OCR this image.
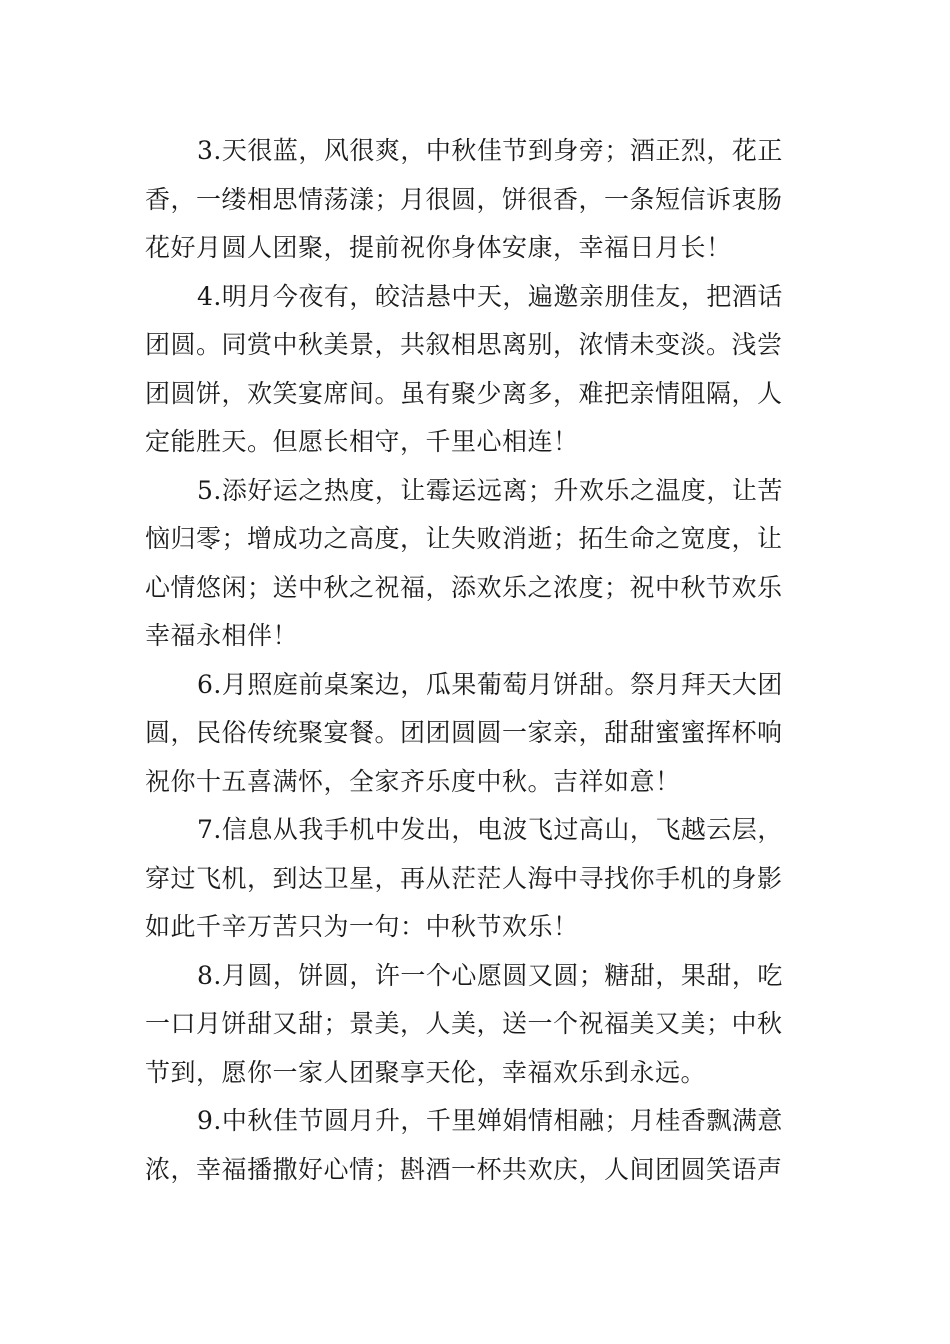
3.天很蓝，风很爽，中秋佳节到身旁；酒正烈，花正
香，一缕相思情荡漾；月很圆，饼很香，一条短信诉衷肠
花好月圆人团聚，提前祝你身体安康，幸福日月长！
4.明月今夜有，皎洁悬中天，遍邀亲朋佳友，把酒话
团圆。同赏中秋美景，共叙相思离别，浓情未变淡。浅尝
团圆饼，欢笑宴席间。虽有聚少离多，难把亲情阻隔，人
定能胜天。但愿长相守，千里心相连！
5.添好运之热度，让霉运远离；升欢乐之温度，让苦
恼归零；增成功之高度，让失败消逝；拓生命之宽度，让
心情悠闲；送中秋之祝福，添欢乐之浓度；祝中秋节欢乐
幸福永相伴！
6.月照庭前桌案边，瓜果葡萄月饼甜。祭月拜天大团
圆，民俗传统聚宴餐。团团圆圆一家亲，甜甜蜜蜜挥杯响
祝你十五喜满怀，全家齐乐度中秋。吉祥如意！
7.信息从我手机中发出，电波飞过高山，飞越云层，
穿过飞机，到达卫星，再从茫茫人海中寻找你手机的身影
如此千辛万苦只为一句：中秋节欢乐！
8.月圆，饼圆，许一个心愿圆又圆；糖甜，果甜，吃
一口月饼甜又甜；景美，人美，送一个祝福美又美；中秋
节到，愿你一家人团聚享天伦，幸福欢乐到永远。
9.中秋佳节圆月升，千里婵娟情相融；月桂香飘满意
浓，幸福播撒好心情；斟酒一杯共欢庆，人间团圆笑语声
